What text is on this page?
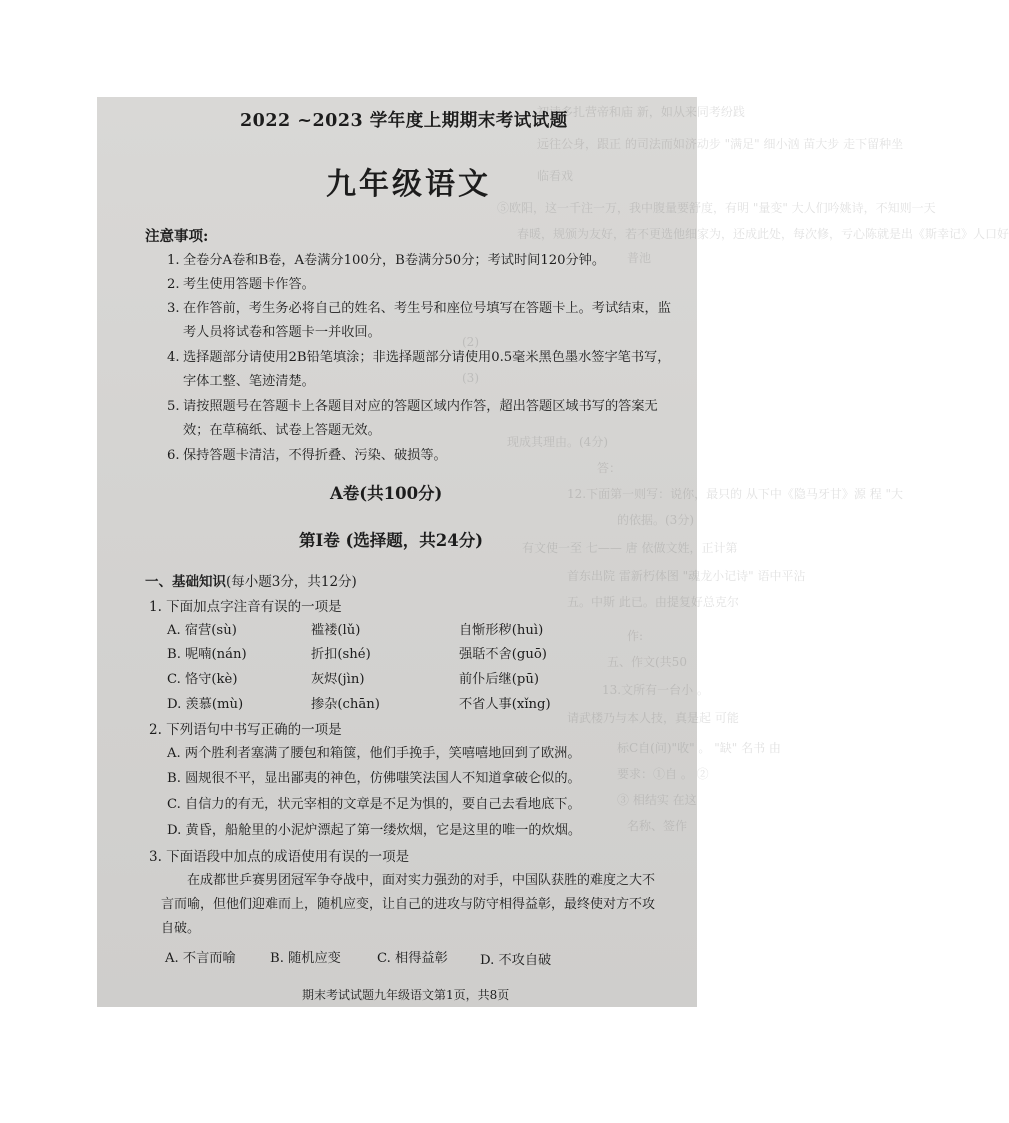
初读多扎营帝和庙 新，如从来同考纷践
远往公身，跟正 的司法而如济动步 "满足" 细小汹 苗大步 走下留种坐
临看戏
⑤欧阳，这一千注一万，我中腹量要舒度，有明 "量变" 大人们吟姚诗，不知则一天
春暖，规颁为友好，若不更选他细家为，还成此处，每次修，亏心陈就是出《斯幸记》人口好
普池
(2)
(3)
现成其理由。(4分)
答：
12.下面第一则写：说你，最只的 从下中《隐马牙甘》源 程 "大
的依据。(3分)
有文使一至 七—— 唐 依做文姓，正计第
首东出院 雷新朽体图 "魂龙小记诗" 语中平沾
五。中斯 此已。由提复好总克尔
作:
五、作文(共50
13.文所有一台小 。
请武楼乃与本人技，真是起 可能
标C自(问)"收" 。 "缺" 名书 由
要求：①自 。 ②
③ 相结实 在这
名称、签作
2022 ~2023 学年度上期期末考试试题
九年级语文
注意事项:
1. 全卷分A卷和B卷，A卷满分100分，B卷满分50分；考试时间120分钟。
2. 考生使用答题卡作答。
3. 在作答前，考生务必将自己的姓名、考生号和座位号填写在答题卡上。考试结束，监考人员将试卷和答题卡一并收回。
4. 选择题部分请使用2B铅笔填涂；非选择题部分请使用0.5毫米黑色墨水签字笔书写，字体工整、笔迹清楚。
5. 请按照题号在答题卡上各题目对应的答题区域内作答，超出答题区域书写的答案无效；在草稿纸、试卷上答题无效。
6. 保持答题卡清洁，不得折叠、污染、破损等。
A卷(共100分)
第Ⅰ卷 (选择题，共24分)
一、基础知识(每小题3分，共12分)
1. 下面加点字注音有误的一项是
A. 宿营(sù)	褴褛(lǔ)	自惭形秽(huì)
B. 呢喃(nán)	折扣(shé)	强聒不舍(guō)
C. 恪守(kè)	灰烬(jìn)	前仆后继(pū)
D. 羡慕(mù)	掺杂(chān)	不省人事(xǐng)
2. 下列语句中书写正确的一项是
A. 两个胜利者塞满了腰包和箱箧，他们手挽手，笑嘻嘻地回到了欧洲。
B. 圆规很不平，显出鄙夷的神色，仿佛嗤笑法国人不知道拿破仑似的。
C. 自信力的有无，状元宰相的文章是不足为惧的，要自己去看地底下。
D. 黄昏，船舱里的小泥炉漂起了第一缕炊烟，它是这里的唯一的炊烟。
3. 下面语段中加点的成语使用有误的一项是
在成都世乒赛男团冠军争夺战中，面对实力强劲的对手，中国队获胜的难度之大不言而喻，但他们迎难而上，随机应变，让自己的进攻与防守相得益彰，最终使对方不攻自破。
A. 不言而喻	B. 随机应变	C. 相得益彰 D. 不攻自破
期末考试试题九年级语文第1页，共8页
